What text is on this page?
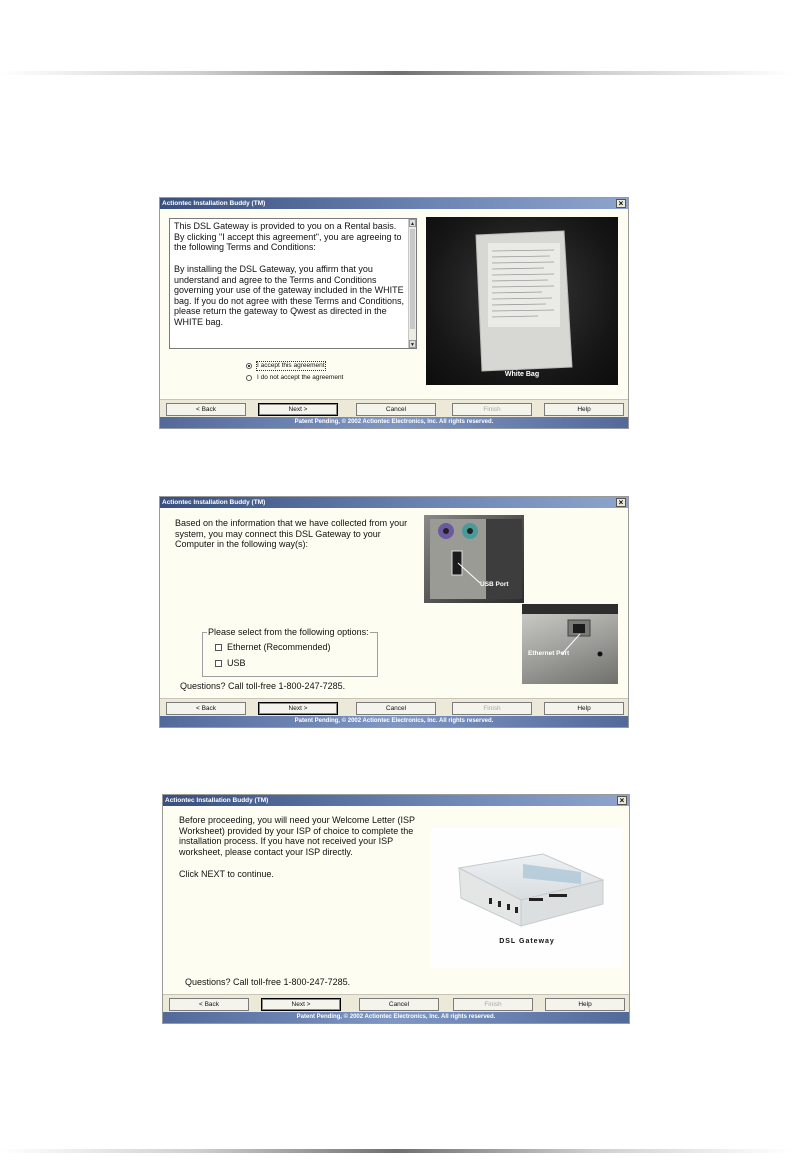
Actiontec Installation Buddy (TM)	×
This DSL Gateway is provided to you on a Rental basis. By clicking "I accept this agreement", you are agreeing to the following Terms and Conditions:
By installing the DSL Gateway, you affirm that you understand and agree to the Terms and Conditions governing your use of the gateway included in the WHITE bag. If you do not agree with these Terms and Conditions, please return the gateway to Qwest as directed in the WHITE bag.
▲
▼
I accept this agreement
I do not accept the agreement	White Bag
< Back	Next >	Cancel	Finish	Help
Patent Pending, © 2002 Actiontec Electronics, Inc. All rights reserved.
Actiontec Installation Buddy (TM)	×
Based on the information that we have collected from your system, you may connect this DSL Gateway to your Computer in the following way(s):
Please select from the following options:
Ethernet (Recommended)
USB
Questions? Call toll-free 1-800-247-7285.
USB Port
Ethernet Port
< Back	Next >	Cancel	Finish	Help
Patent Pending, © 2002 Actiontec Electronics, Inc. All rights reserved.
Actiontec Installation Buddy (TM)	×
Before proceeding, you will need your Welcome Letter (ISP Worksheet) provided by your ISP of choice to complete the installation process. If you have not received your ISP worksheet, please contact your ISP directly.
Click NEXT to continue.
Questions? Call toll-free 1-800-247-7285.
DSL Gateway
< Back	Next >	Cancel	Finish	Help
Patent Pending, © 2002 Actiontec Electronics, Inc. All rights reserved.
